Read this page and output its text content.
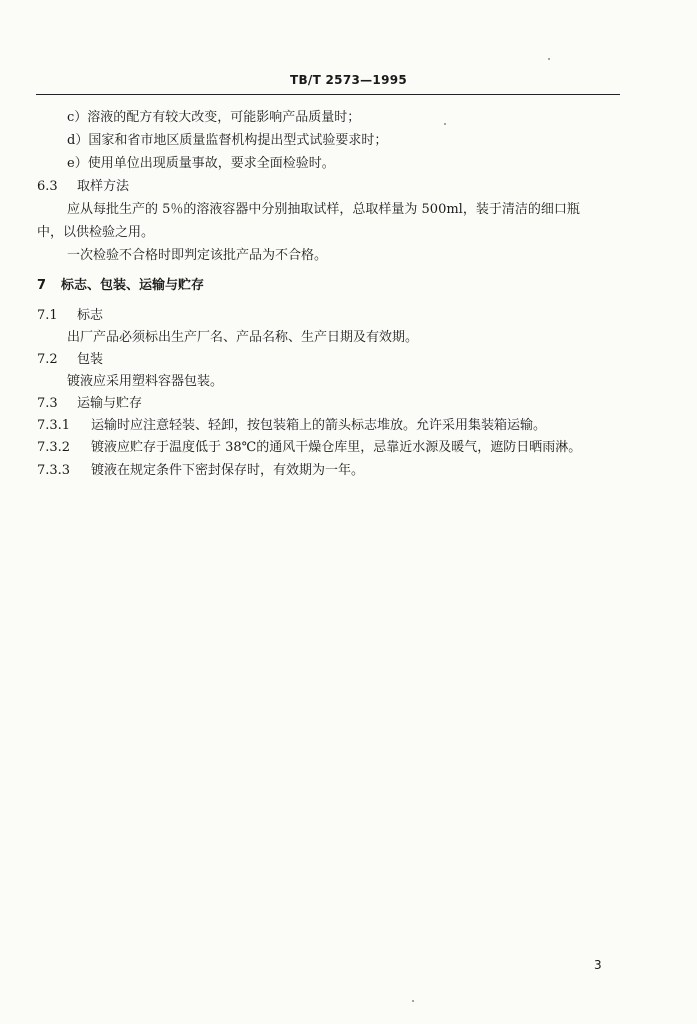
TB/T 2573—1995
c）溶液的配方有较大改变，可能影响产品质量时；
d）国家和省市地区质量监督机构提出型式试验要求时；
e）使用单位出现质量事故，要求全面检验时。
6.3 取样方法
应从每批生产的 5％的溶液容器中分别抽取试样，总取样量为 500ml，装于清洁的细口瓶
中，以供检验之用。
一次检验不合格时即判定该批产品为不合格。
7 标志、包装、运输与贮存
7.1 标志
出厂产品必须标出生产厂名、产品名称、生产日期及有效期。
7.2 包装
镀液应采用塑料容器包装。
7.3 运输与贮存
7.3.1 运输时应注意轻装、轻卸，按包装箱上的箭头标志堆放。允许采用集装箱运输。
7.3.2 镀液应贮存于温度低于 38℃的通风干燥仓库里，忌靠近水源及暖气，遮防日晒雨淋。
7.3.3 镀液在规定条件下密封保存时，有效期为一年。
3
